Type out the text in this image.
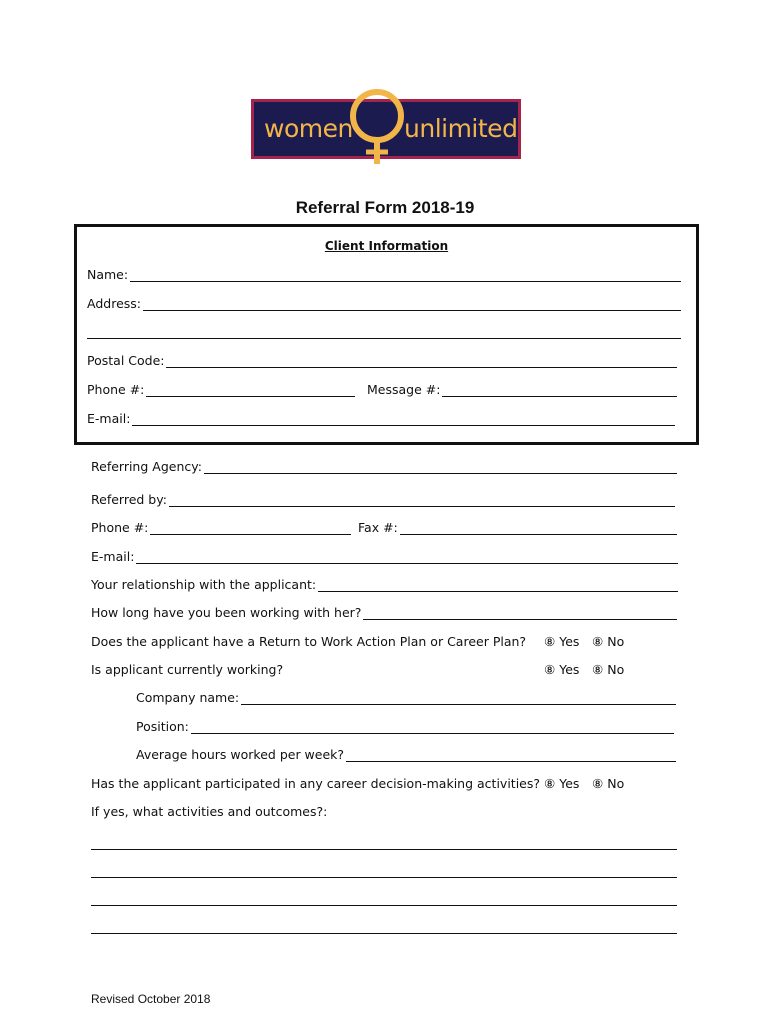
women unlimited
Referral Form 2018-19
Client Information
Name:
Address:
Postal Code:
Phone #:	Message #:
E-mail:
Referring Agency:
Referred by:
Phone #:	Fax #:
E-mail:
Your relationship with the applicant:
How long have you been working with her?
Does the applicant have a Return to Work Action Plan or Career Plan? ⑧ Yes ⑧ No
Is applicant currently working?	⑧ Yes ⑧ No
Company name:
Position:
Average hours worked per week?
Has the applicant participated in any career decision-making activities? ⑧ Yes ⑧ No
If yes, what activities and outcomes?:
Revised October 2018
